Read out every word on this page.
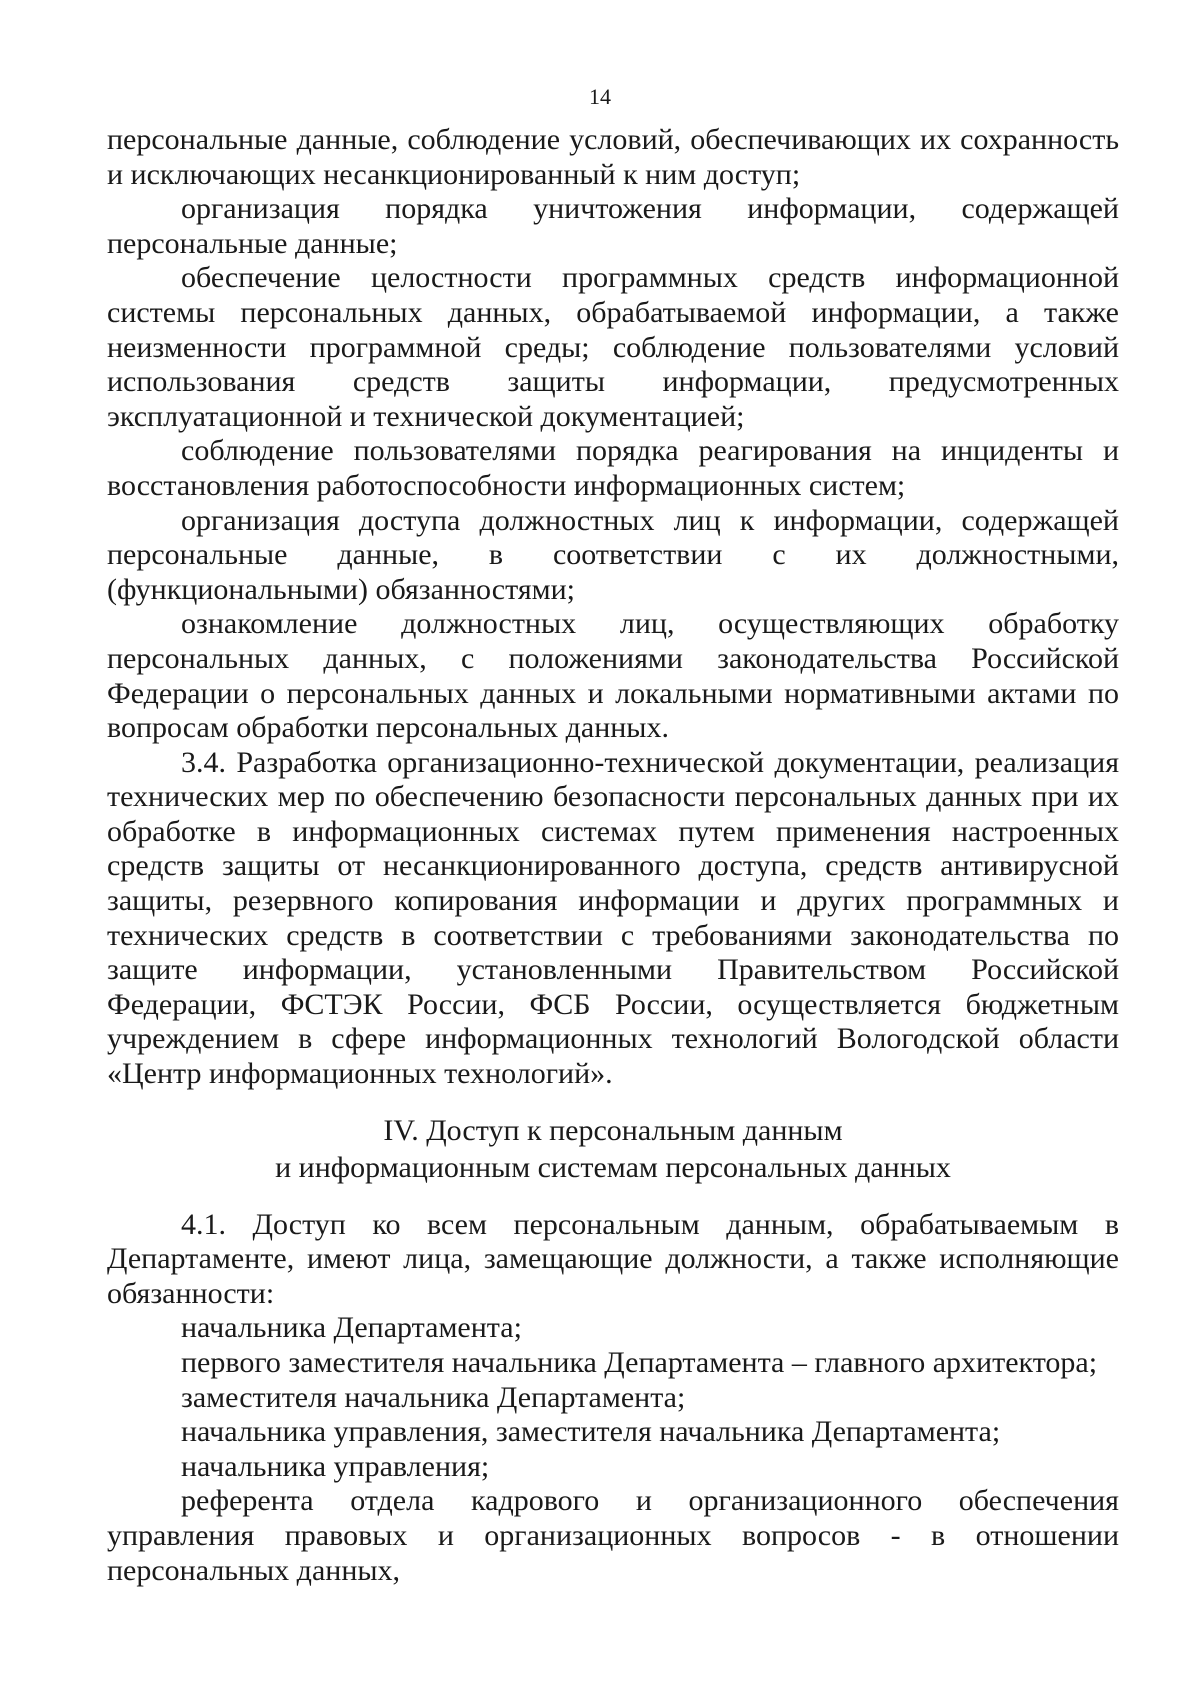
14

персональные данные, соблюдение условий, обеспечивающих их сохранность и исключающих несанкционированный к ним доступ;

организация порядка уничтожения информации, содержащей персональные данные;

обеспечение целостности программных средств информационной системы персональных данных, обрабатываемой информации, а также неизменности программной среды; соблюдение пользователями условий использования средств защиты информации, предусмотренных эксплуатационной и технической документацией;

соблюдение пользователями порядка реагирования на инциденты и восстановления работоспособности информационных систем;

организация доступа должностных лиц к информации, содержащей персональные данные, в соответствии с их должностными, (функциональными) обязанностями;

ознакомление должностных лиц, осуществляющих обработку персональных данных, с положениями законодательства Российской Федерации о персональных данных и локальными нормативными актами по вопросам обработки персональных данных.

3.4. Разработка организационно-технической документации, реализация технических мер по обеспечению безопасности персональных данных при их обработке в информационных системах путем применения настроенных средств защиты от несанкционированного доступа, средств антивирусной защиты, резервного копирования информации и других программных и технических средств в соответствии с требованиями законодательства по защите информации, установленными Правительством Российской Федерации, ФСТЭК России, ФСБ России, осуществляется бюджетным учреждением в сфере информационных технологий Вологодской области «Центр информационных технологий».

IV. Доступ к персональным данным
и информационным системам персональных данных

4.1. Доступ ко всем персональным данным, обрабатываемым в Департаменте, имеют лица, замещающие должности, а также исполняющие обязанности:

начальника Департамента;

первого заместителя начальника Департамента – главного архитектора;

заместителя начальника Департамента;

начальника управления, заместителя начальника Департамента;

начальника управления;

референта отдела кадрового и организационного обеспечения управления правовых и организационных вопросов - в отношении персональных данных,
